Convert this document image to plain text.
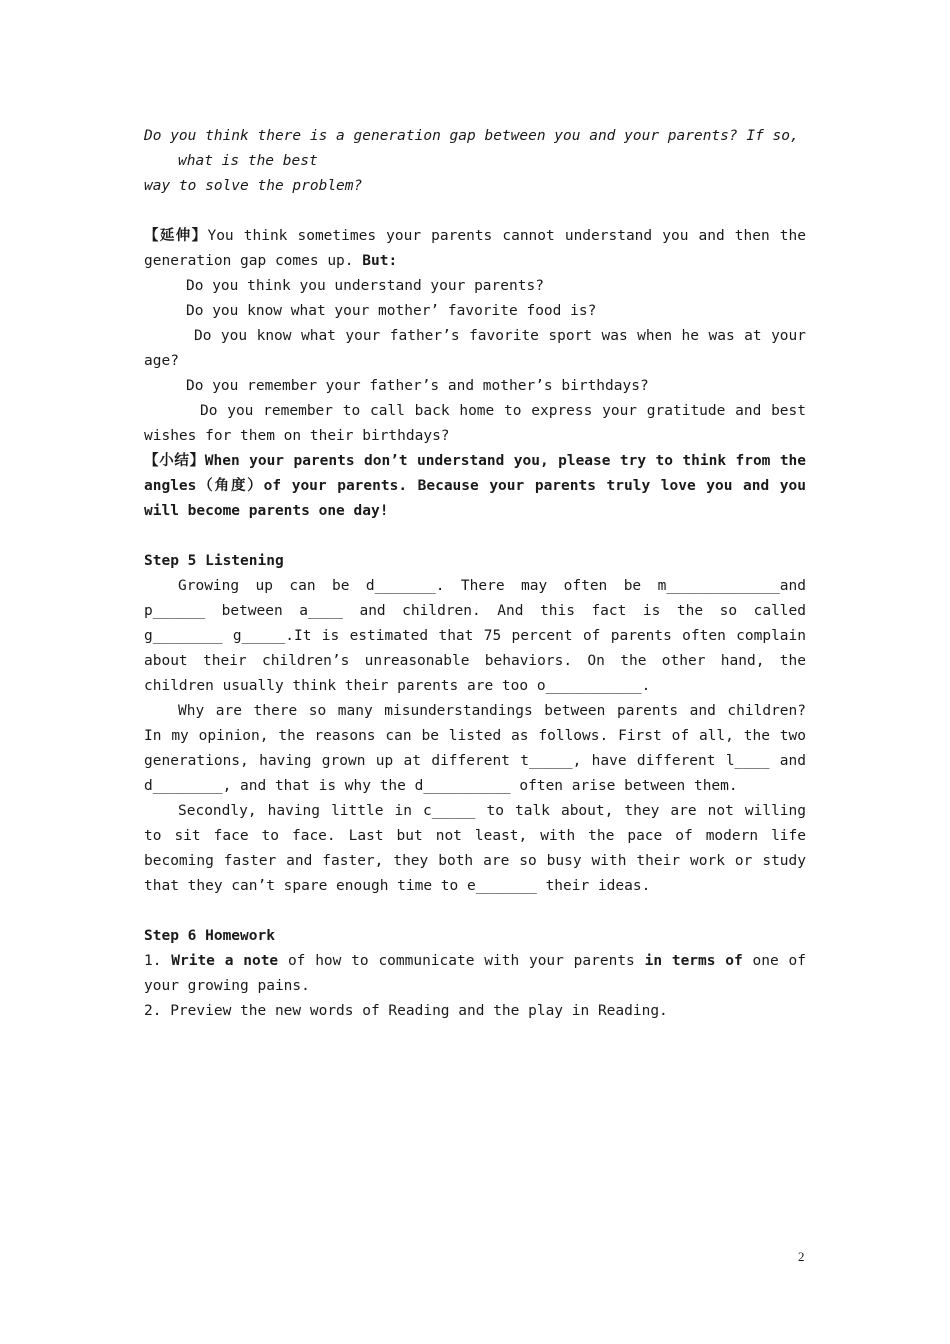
Do you think there is a generation gap between you and your parents? If so,

what is the best

way to solve the problem?

【延伸】You think sometimes your parents cannot understand you and then the generation gap comes up. But:

Do you think you understand your parents?

Do you know what your mother’ favorite food is?

Do you know what your father’s favorite sport was when he was at your age?

Do you remember your father’s and mother’s birthdays?

Do you remember to call back home to express your gratitude and best wishes for them on their birthdays?

【小结】When your parents don’t understand you, please try to think from the angles（角度）of your parents. Because your parents truly love you and you will become parents one day!

Step 5 Listening

Growing up can be d_______. There may often be m_____________and p______ between a____ and children. And this fact is the so called g________ g_____.It is estimated that 75 percent of parents often complain about their children’s unreasonable behaviors. On the other hand, the children usually think their parents are too o___________.

Why are there so many misunderstandings between parents and children? In my opinion, the reasons can be listed as follows. First of all, the two generations, having grown up at different t_____, have different l____ and d________, and that is why the d__________ often arise between them.

Secondly, having little in c_____ to talk about, they are not willing to sit face to face. Last but not least, with the pace of modern life becoming faster and faster, they both are so busy with their work or study that they can’t spare enough time to e_______ their ideas.

Step 6 Homework

1. Write a note of how to communicate with your parents in terms of one of your growing pains.

2. Preview the new words of Reading and the play in Reading.

2
